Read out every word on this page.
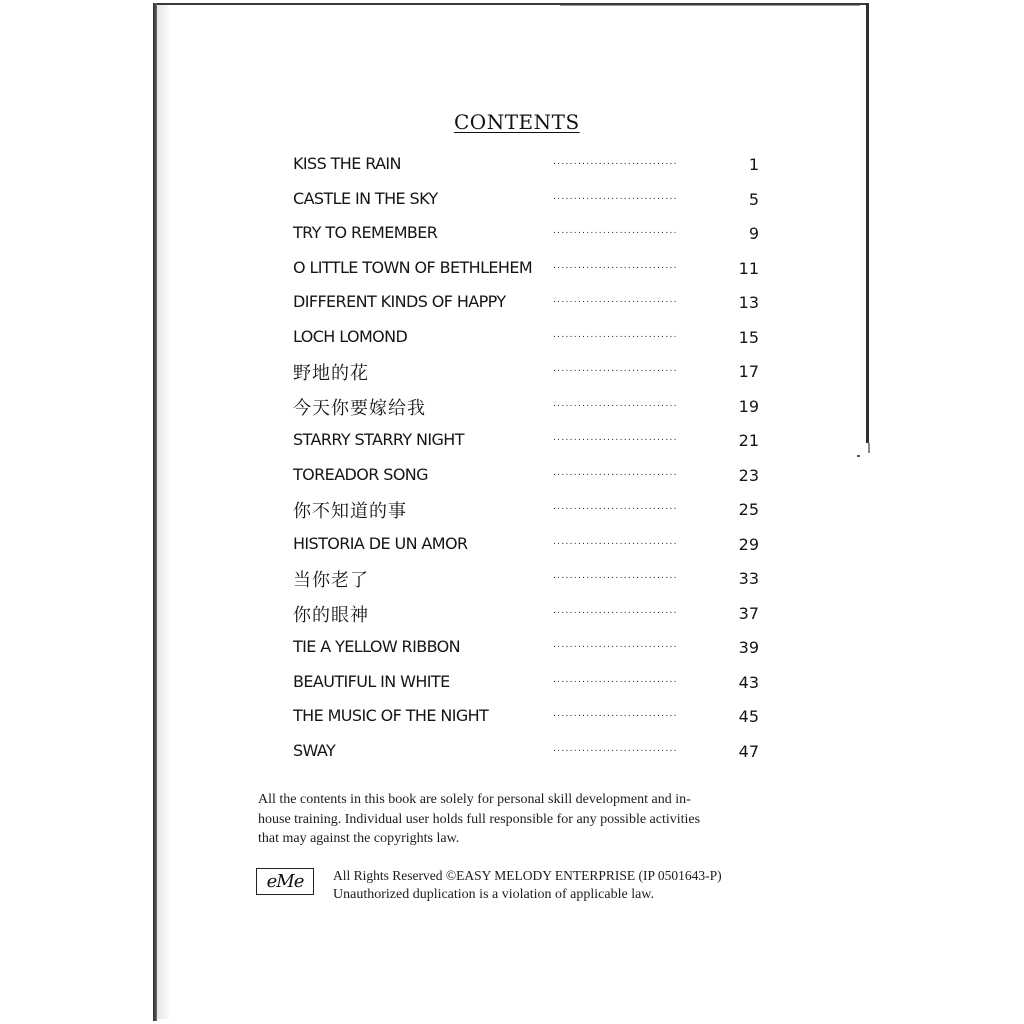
CONTENTS
KISS THE RAIN	..............................	1
CASTLE IN THE SKY	..............................	5
TRY TO REMEMBER	..............................	9
O LITTLE TOWN OF BETHLEHEM ..............................	11
DIFFERENT KINDS OF HAPPY	..............................	13
LOCH LOMOND	..............................	15
野地的花	..............................	17
今天你要嫁给我	..............................	19
STARRY STARRY NIGHT	..............................	21
TOREADOR SONG	..............................	23
你不知道的事	..............................	25
HISTORIA DE UN AMOR	..............................	29
当你老了	..............................	33
你的眼神	..............................	37
TIE A YELLOW RIBBON	..............................	39
BEAUTIFUL IN WHITE	..............................	43
THE MUSIC OF THE NIGHT	..............................	45
SWAY	..............................	47
All the contents in this book are solely for personal skill development and in-
house training. Individual user holds full responsible for any possible activities
that may against the copyrights law.
eMe	All Rights Reserved ©EASY MELODY ENTERPRISE (IP 0501643-P)
Unauthorized duplication is a violation of applicable law.
